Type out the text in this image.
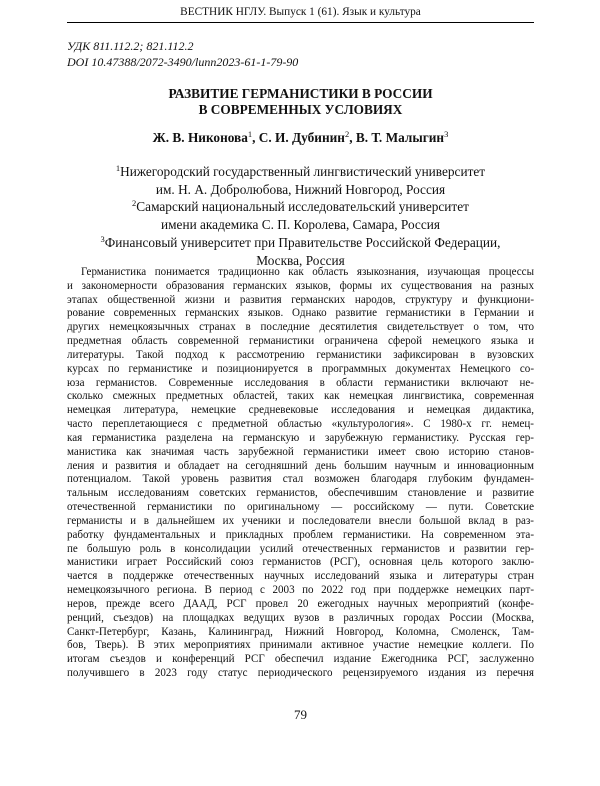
ВЕСТНИК НГЛУ. Выпуск 1 (61). Язык и культура
УДК 811.112.2; 821.112.2
DOI 10.47388/2072-3490/lunn2023-61-1-79-90
РАЗВИТИЕ ГЕРМАНИСТИКИ В РОССИИ
В СОВРЕМЕННЫХ УСЛОВИЯХ
Ж. В. Никонова$^1$, С. И. Дубинин$^2$, В. Т. Малыгин$^3$
$^1$Нижегородский государственный лингвистический университет
им. Н. А. Добролюбова, Нижний Новгород, Россия
$^2$Самарский национальный исследовательский университет
имени академика С. П. Королева, Самара, Россия
$^3$Финансовый университет при Правительстве Российской Федерации,
Москва, Россия
Германистика понимается традиционно как область языкознания, изучающая процессы
и закономерности образования германских языков, формы их существования на разных
этапах общественной жизни и развития германских народов, структуру и функциони-
рование современных германских языков. Однако развитие германистики в Германии и
других немецкоязычных странах в последние десятилетия свидетельствует о том, что
предметная область современной германистики ограничена сферой немецкого языка и
литературы. Такой подход к рассмотрению германистики зафиксирован в вузовских
курсах по германистике и позиционируется в программных документах Немецкого со-
юза германистов. Современные исследования в области германистики включают не-
сколько смежных предметных областей, таких как немецкая лингвистика, современная
немецкая литература, немецкие средневековые исследования и немецкая дидактика,
часто переплетающиеся с предметной областью «культурология». С 1980-х гг. немец-
кая германистика разделена на германскую и зарубежную германистику. Русская гер-
манистика как значимая часть зарубежной германистики имеет свою историю станов-
ления и развития и обладает на сегодняшний день большим научным и инновационным
потенциалом. Такой уровень развития стал возможен благодаря глубоким фундамен-
тальным исследованиям советских германистов, обеспечившим становление и развитие
отечественной германистики по оригинальному — российскому — пути. Советские
германисты и в дальнейшем их ученики и последователи внесли большой вклад в раз-
работку фундаментальных и прикладных проблем германистики. На современном эта-
пе большую роль в консолидации усилий отечественных германистов и развитии гер-
манистики играет Российский союз германистов (РСГ), основная цель которого заклю-
чается в поддержке отечественных научных исследований языка и литературы стран
немецкоязычного региона. В период с 2003 по 2022 год при поддержке немецких парт-
неров, прежде всего ДААД, РСГ провел 20 ежегодных научных мероприятий (конфе-
ренций, съездов) на площадках ведущих вузов в различных городах России (Москва,
Санкт-Петербург, Казань, Калининград, Нижний Новгород, Коломна, Смоленск, Там-
бов, Тверь). В этих мероприятиях принимали активное участие немецкие коллеги. По
итогам съездов и конференций РСГ обеспечил издание Ежегодника РСГ, заслуженно
получившего в 2023 году статус периодического рецензируемого издания из перечня
79
